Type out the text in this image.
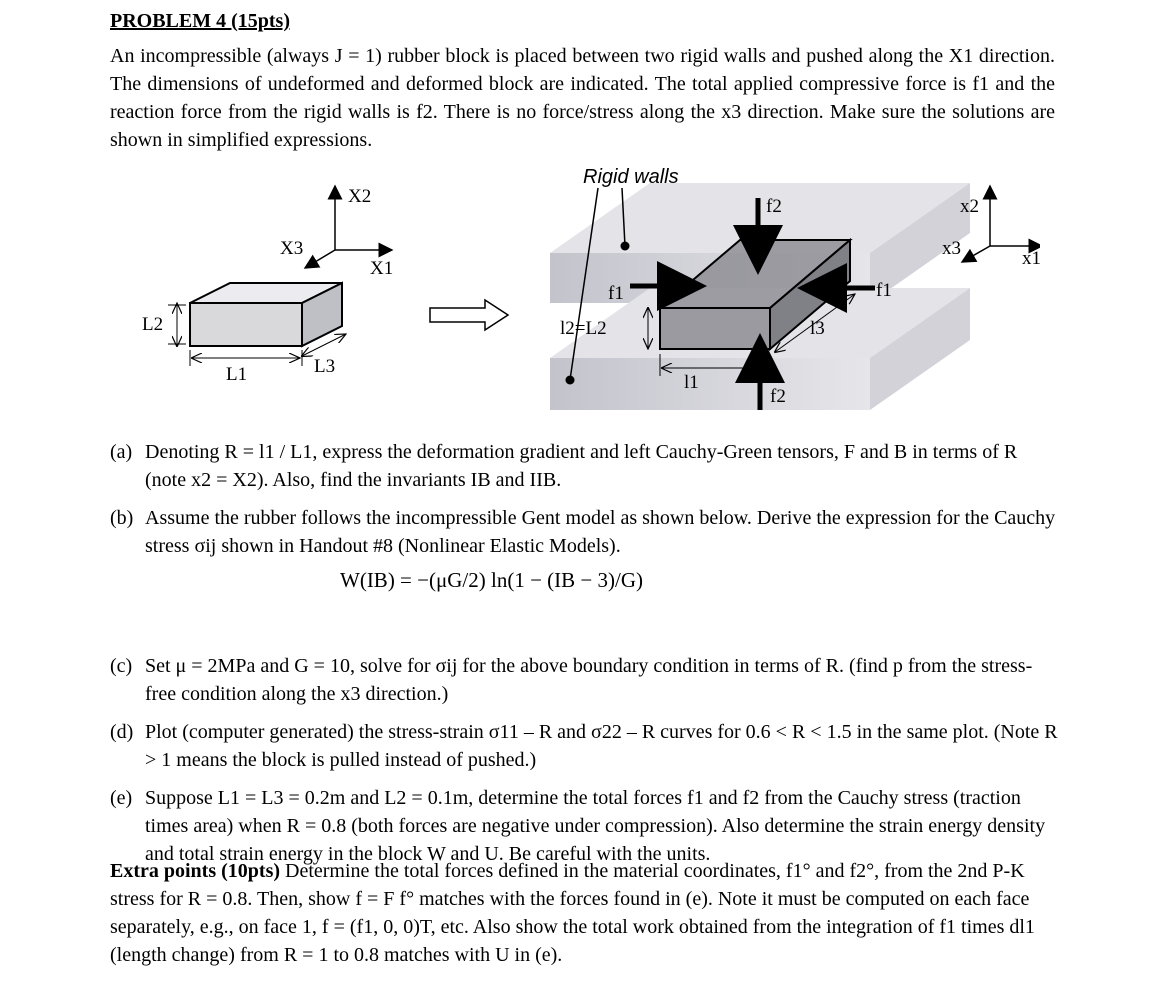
PROBLEM 4 (15pts)

An incompressible (always J = 1) rubber block is placed between two rigid walls and pushed along the X1 direction. The dimensions of undeformed and deformed block are indicated. The total applied compressive force is f1 and the reaction force from the rigid walls is f2. There is no force/stress along the x3 direction. Make sure the solutions are shown in simplified expressions.

X2
X3
X1
L2
L1	L3
Rigid walls
f2
f1	f1
l2=L2	l3
l1
f2
x2
x3	x1
(a) Denoting R = l1 / L1, express the deformation gradient and left Cauchy-Green tensors, F and B in terms of R (note x2 = X2). Also, find the invariants IB and IIB.
(b) Assume the rubber follows the incompressible Gent model as shown below. Derive the expression for the Cauchy stress σij shown in Handout #8 (Nonlinear Elastic Models).
(c) Set μ = 2MPa and G = 10, solve for σij for the above boundary condition in terms of R. (find p from the stress-free condition along the x3 direction.)
(d) Plot (computer generated) the stress-strain σ11 – R and σ22 – R curves for 0.6 < R < 1.5 in the same plot. (Note R > 1 means the block is pulled instead of pushed.)
(e) Suppose L1 = L3 = 0.2m and L2 = 0.1m, determine the total forces f1 and f2 from the Cauchy stress (traction times area) when R = 0.8 (both forces are negative under compression). Also determine the strain energy density and total strain energy in the block W and U. Be careful with the units.
W(IB) = −(μG/2) ln(1 − (IB − 3)/G)

Extra points (10pts) Determine the total forces defined in the material coordinates, f1° and f2°, from the 2nd P-K stress for R = 0.8. Then, show f = F f° matches with the forces found in (e). Note it must be computed on each face separately, e.g., on face 1, f = (f1, 0, 0)T, etc. Also show the total work obtained from the integration of f1 times dl1 (length change) from R = 1 to 0.8 matches with U in (e).
